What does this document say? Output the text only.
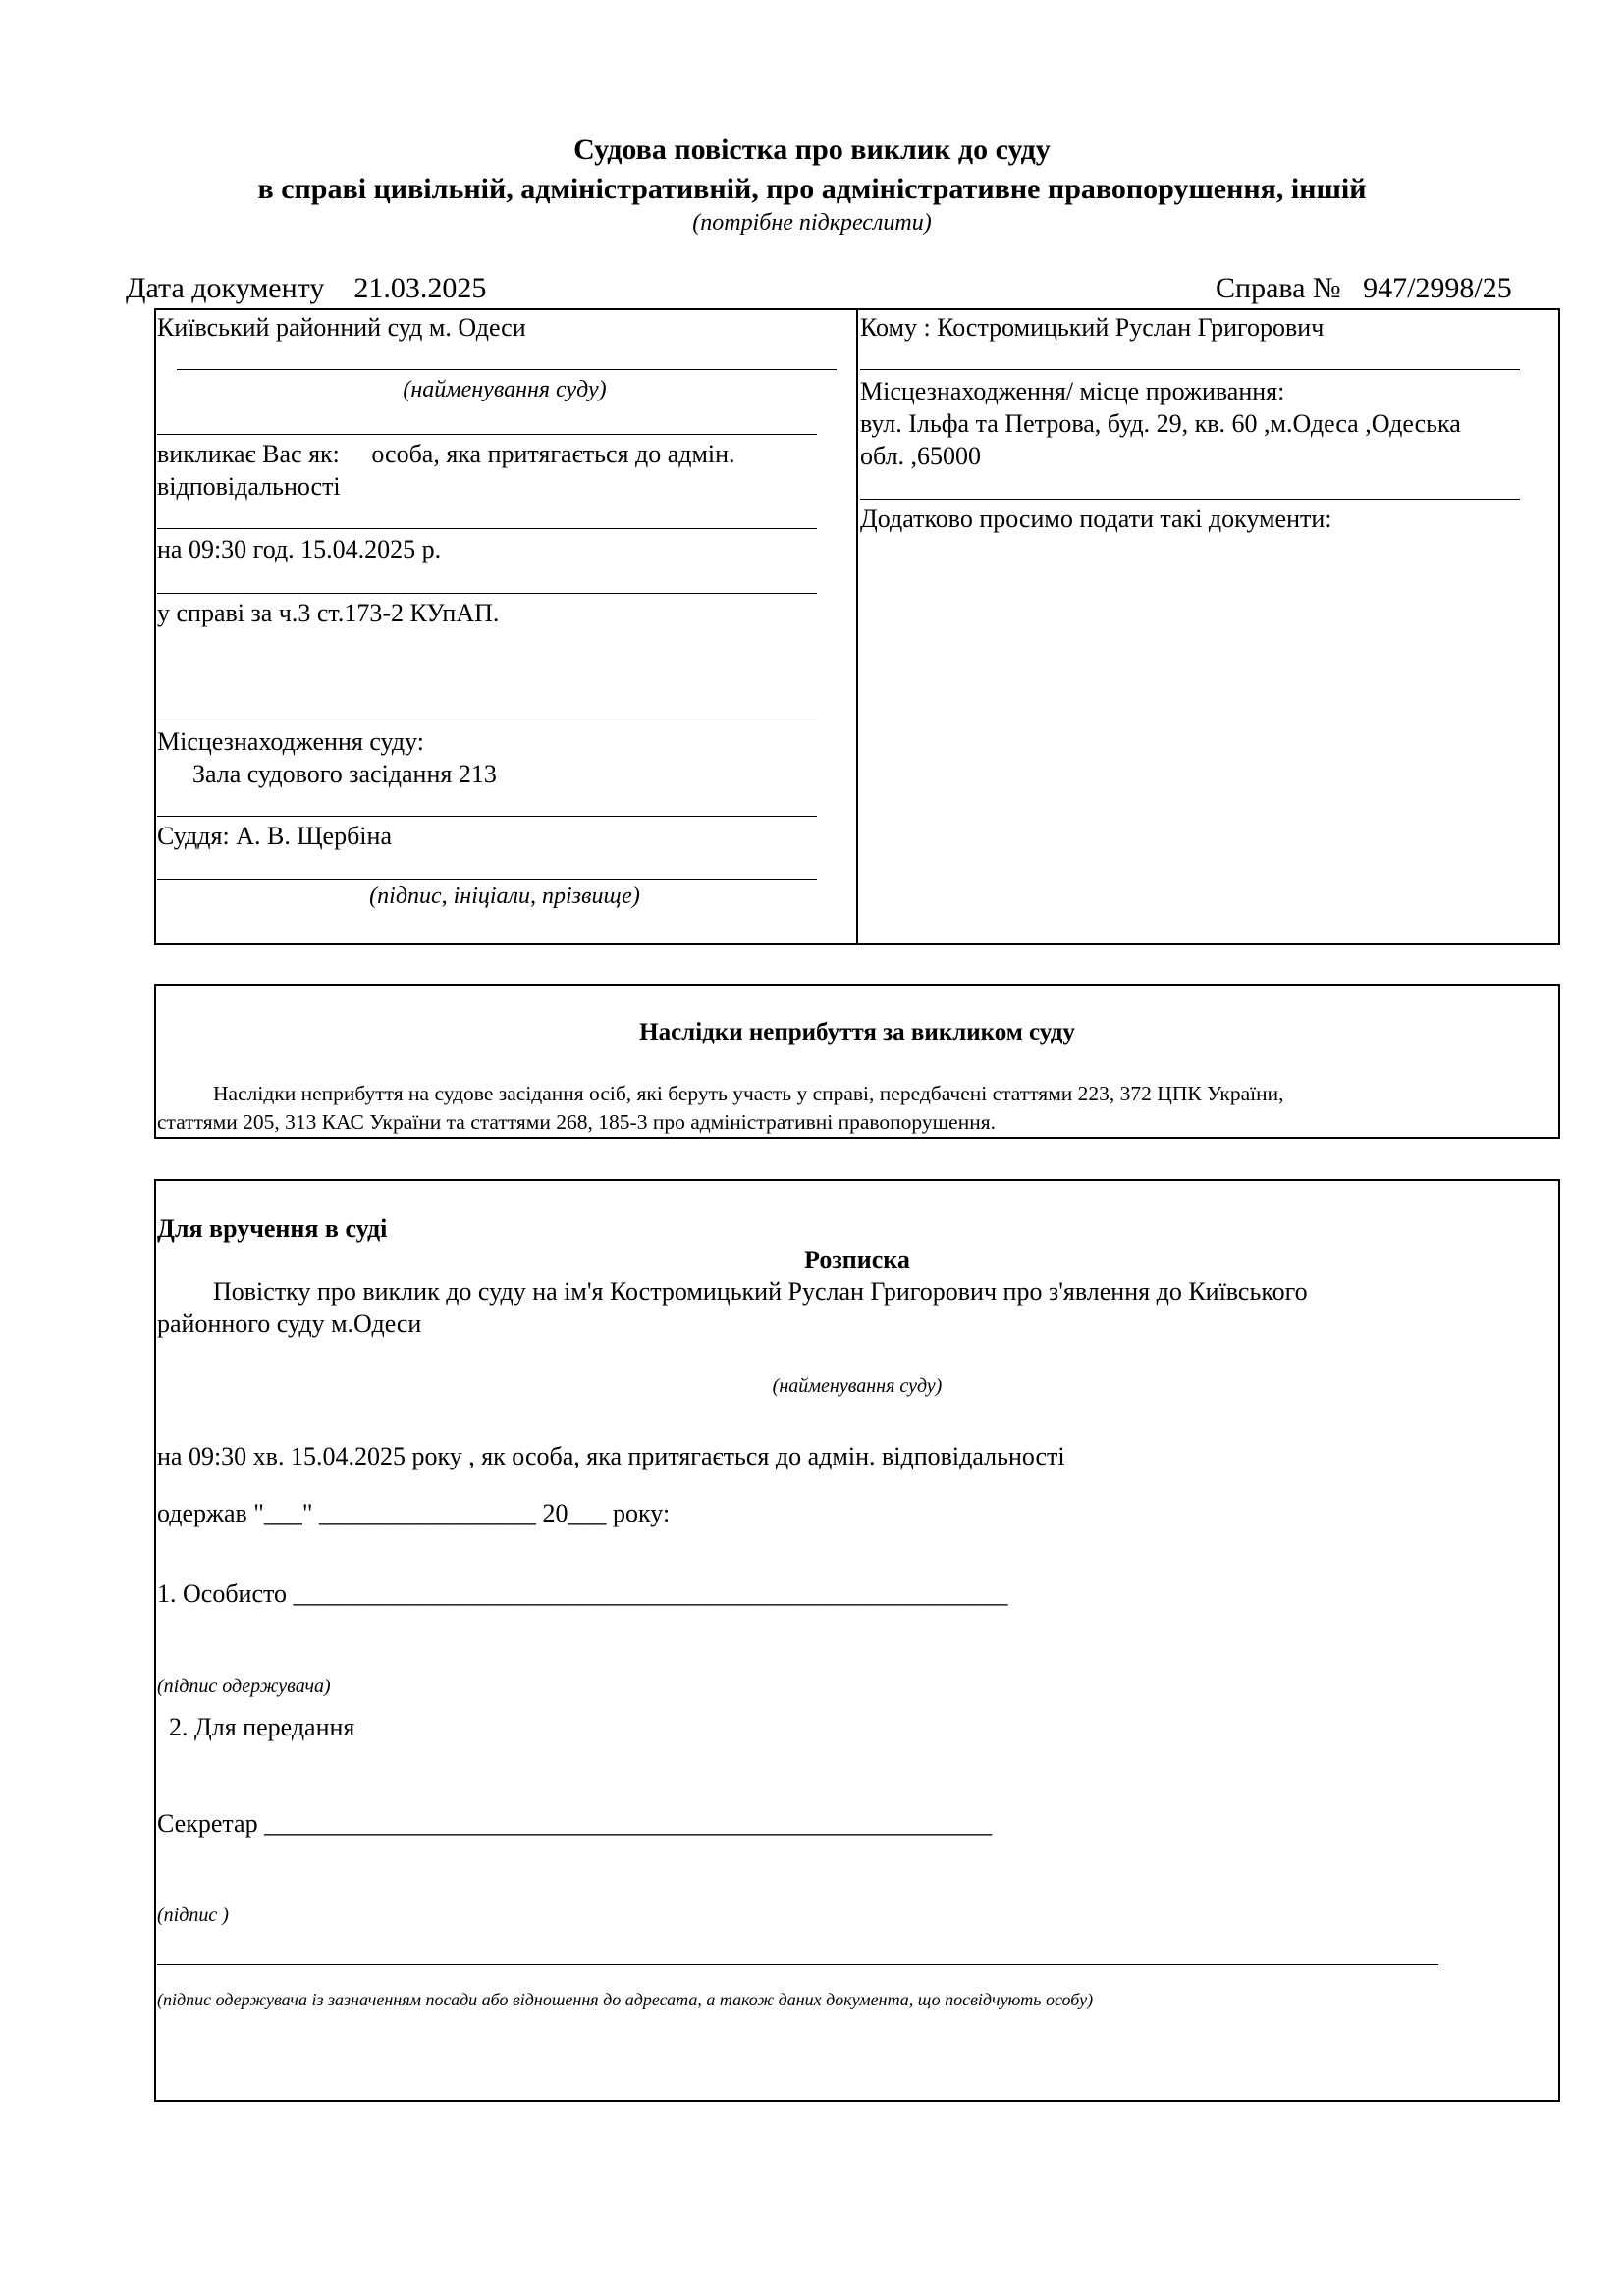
Судова повістка про виклик до суду
в справі цивільній, адміністративній, про адміністративне правопорушення, іншій
(потрібне підкреслити)
Дата документу 21.03.2025	Справа № 947/2998/25
Київський районний суд м. Одеси
(найменування суду)
викликає Вас як: особа, яка притягається до адмін.
відповідальності
на 09:30 год. 15.04.2025 р.
у справі за ч.3 ст.173-2 КУпАП.
Місцезнаходження суду:
Зала судового засідання 213
Суддя: А. В. Щербіна
(підпис, ініціали, прізвище)
Кому : Костромицький Руслан Григорович
Місцезнаходження/ місце проживання:
вул. Ільфа та Петрова, буд. 29, кв. 60 ,м.Одеса ,Одеська
обл. ,65000
Додатково просимо подати такі документи:
Наслідки неприбуття за викликом суду
Наслідки неприбуття на судове засідання осіб, які беруть участь у справі, передбачені статтями 223, 372 ЦПК України,
статтями 205, 313 КАС України та статтями 268, 185-3 про адміністративні правопорушення.
Для вручення в суді
Розписка
Повістку про виклик до суду на ім'я Костромицький Руслан Григорович про з'явлення до Київського
районного суду м.Одеси
(найменування суду)
на 09:30 хв. 15.04.2025 року , як особа, яка притягається до адмін. відповідальності
одержав "___" _________________ 20___ року:
1. Особисто ________________________________________________________
(підпис одержувача)
2. Для передання
Секретар _________________________________________________________
(підпис )
(підпис одержувача із зазначенням посади або відношення до адресата, а також даних документа, що посвідчують особу)
